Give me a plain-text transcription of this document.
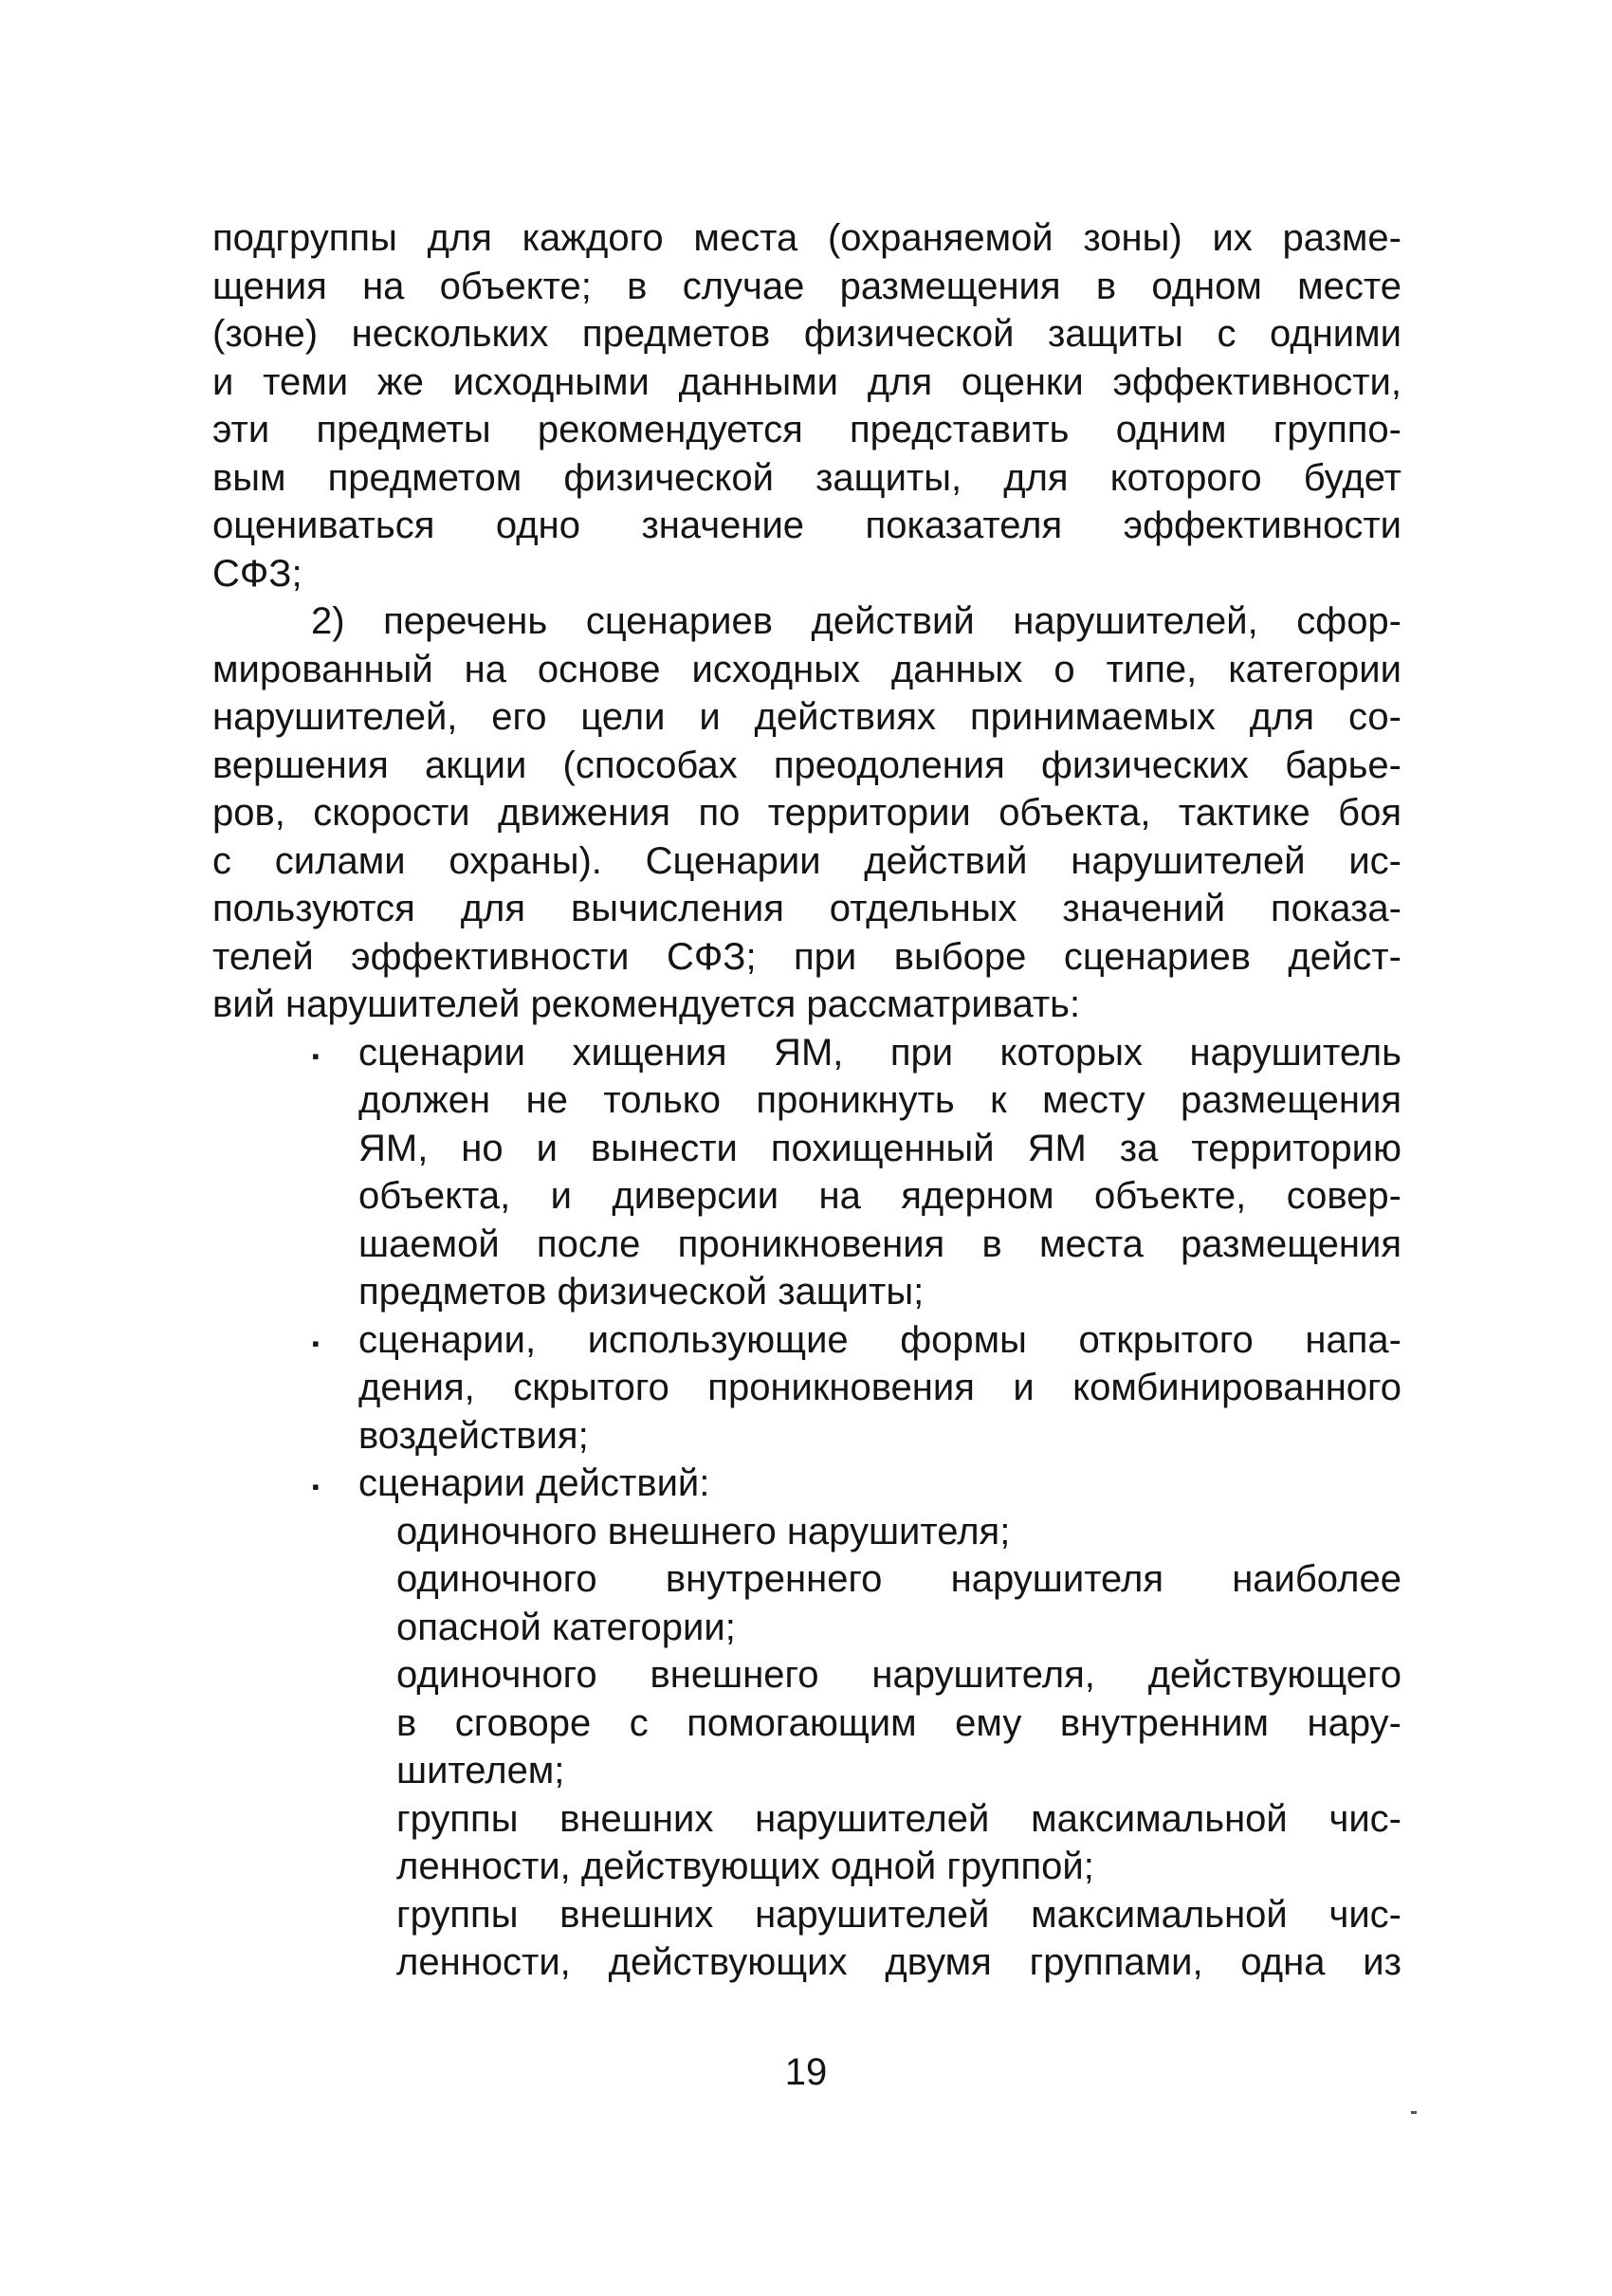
подгруппы для каждого места (охраняемой зоны) их разме-
щения на объекте; в случае размещения в одном месте
(зоне) нескольких предметов физической защиты с одними
и теми же исходными данными для оценки эффективности,
эти предметы рекомендуется представить одним группо-
вым предметом физической защиты, для которого будет
оцениваться одно значение показателя эффективности
СФЗ;
2) перечень сценариев действий нарушителей, сфор-
мированный на основе исходных данных о типе, категории
нарушителей, его цели и действиях принимаемых для со-
вершения акции (способах преодоления физических барье-
ров, скорости движения по территории объекта, тактике боя
с силами охраны). Сценарии действий нарушителей ис-
пользуются для вычисления отдельных значений показа-
телей эффективности СФЗ; при выборе сценариев дейст-
вий нарушителей рекомендуется рассматривать:
▪ сценарии хищения ЯМ, при которых нарушитель
должен не только проникнуть к месту размещения
ЯМ, но и вынести похищенный ЯМ за территорию
объекта, и диверсии на ядерном объекте, совер-
шаемой после проникновения в места размещения
предметов физической защиты;
▪ сценарии, использующие формы открытого напа-
дения, скрытого проникновения и комбинированного
воздействия;
▪ сценарии действий:
одиночного внешнего нарушителя;
одиночного внутреннего нарушителя наиболее
опасной категории;
одиночного внешнего нарушителя, действующего
в сговоре с помогающим ему внутренним нару-
шителем;
группы внешних нарушителей максимальной чис-
ленности, действующих одной группой;
группы внешних нарушителей максимальной чис-
ленности, действующих двумя группами, одна из
19
